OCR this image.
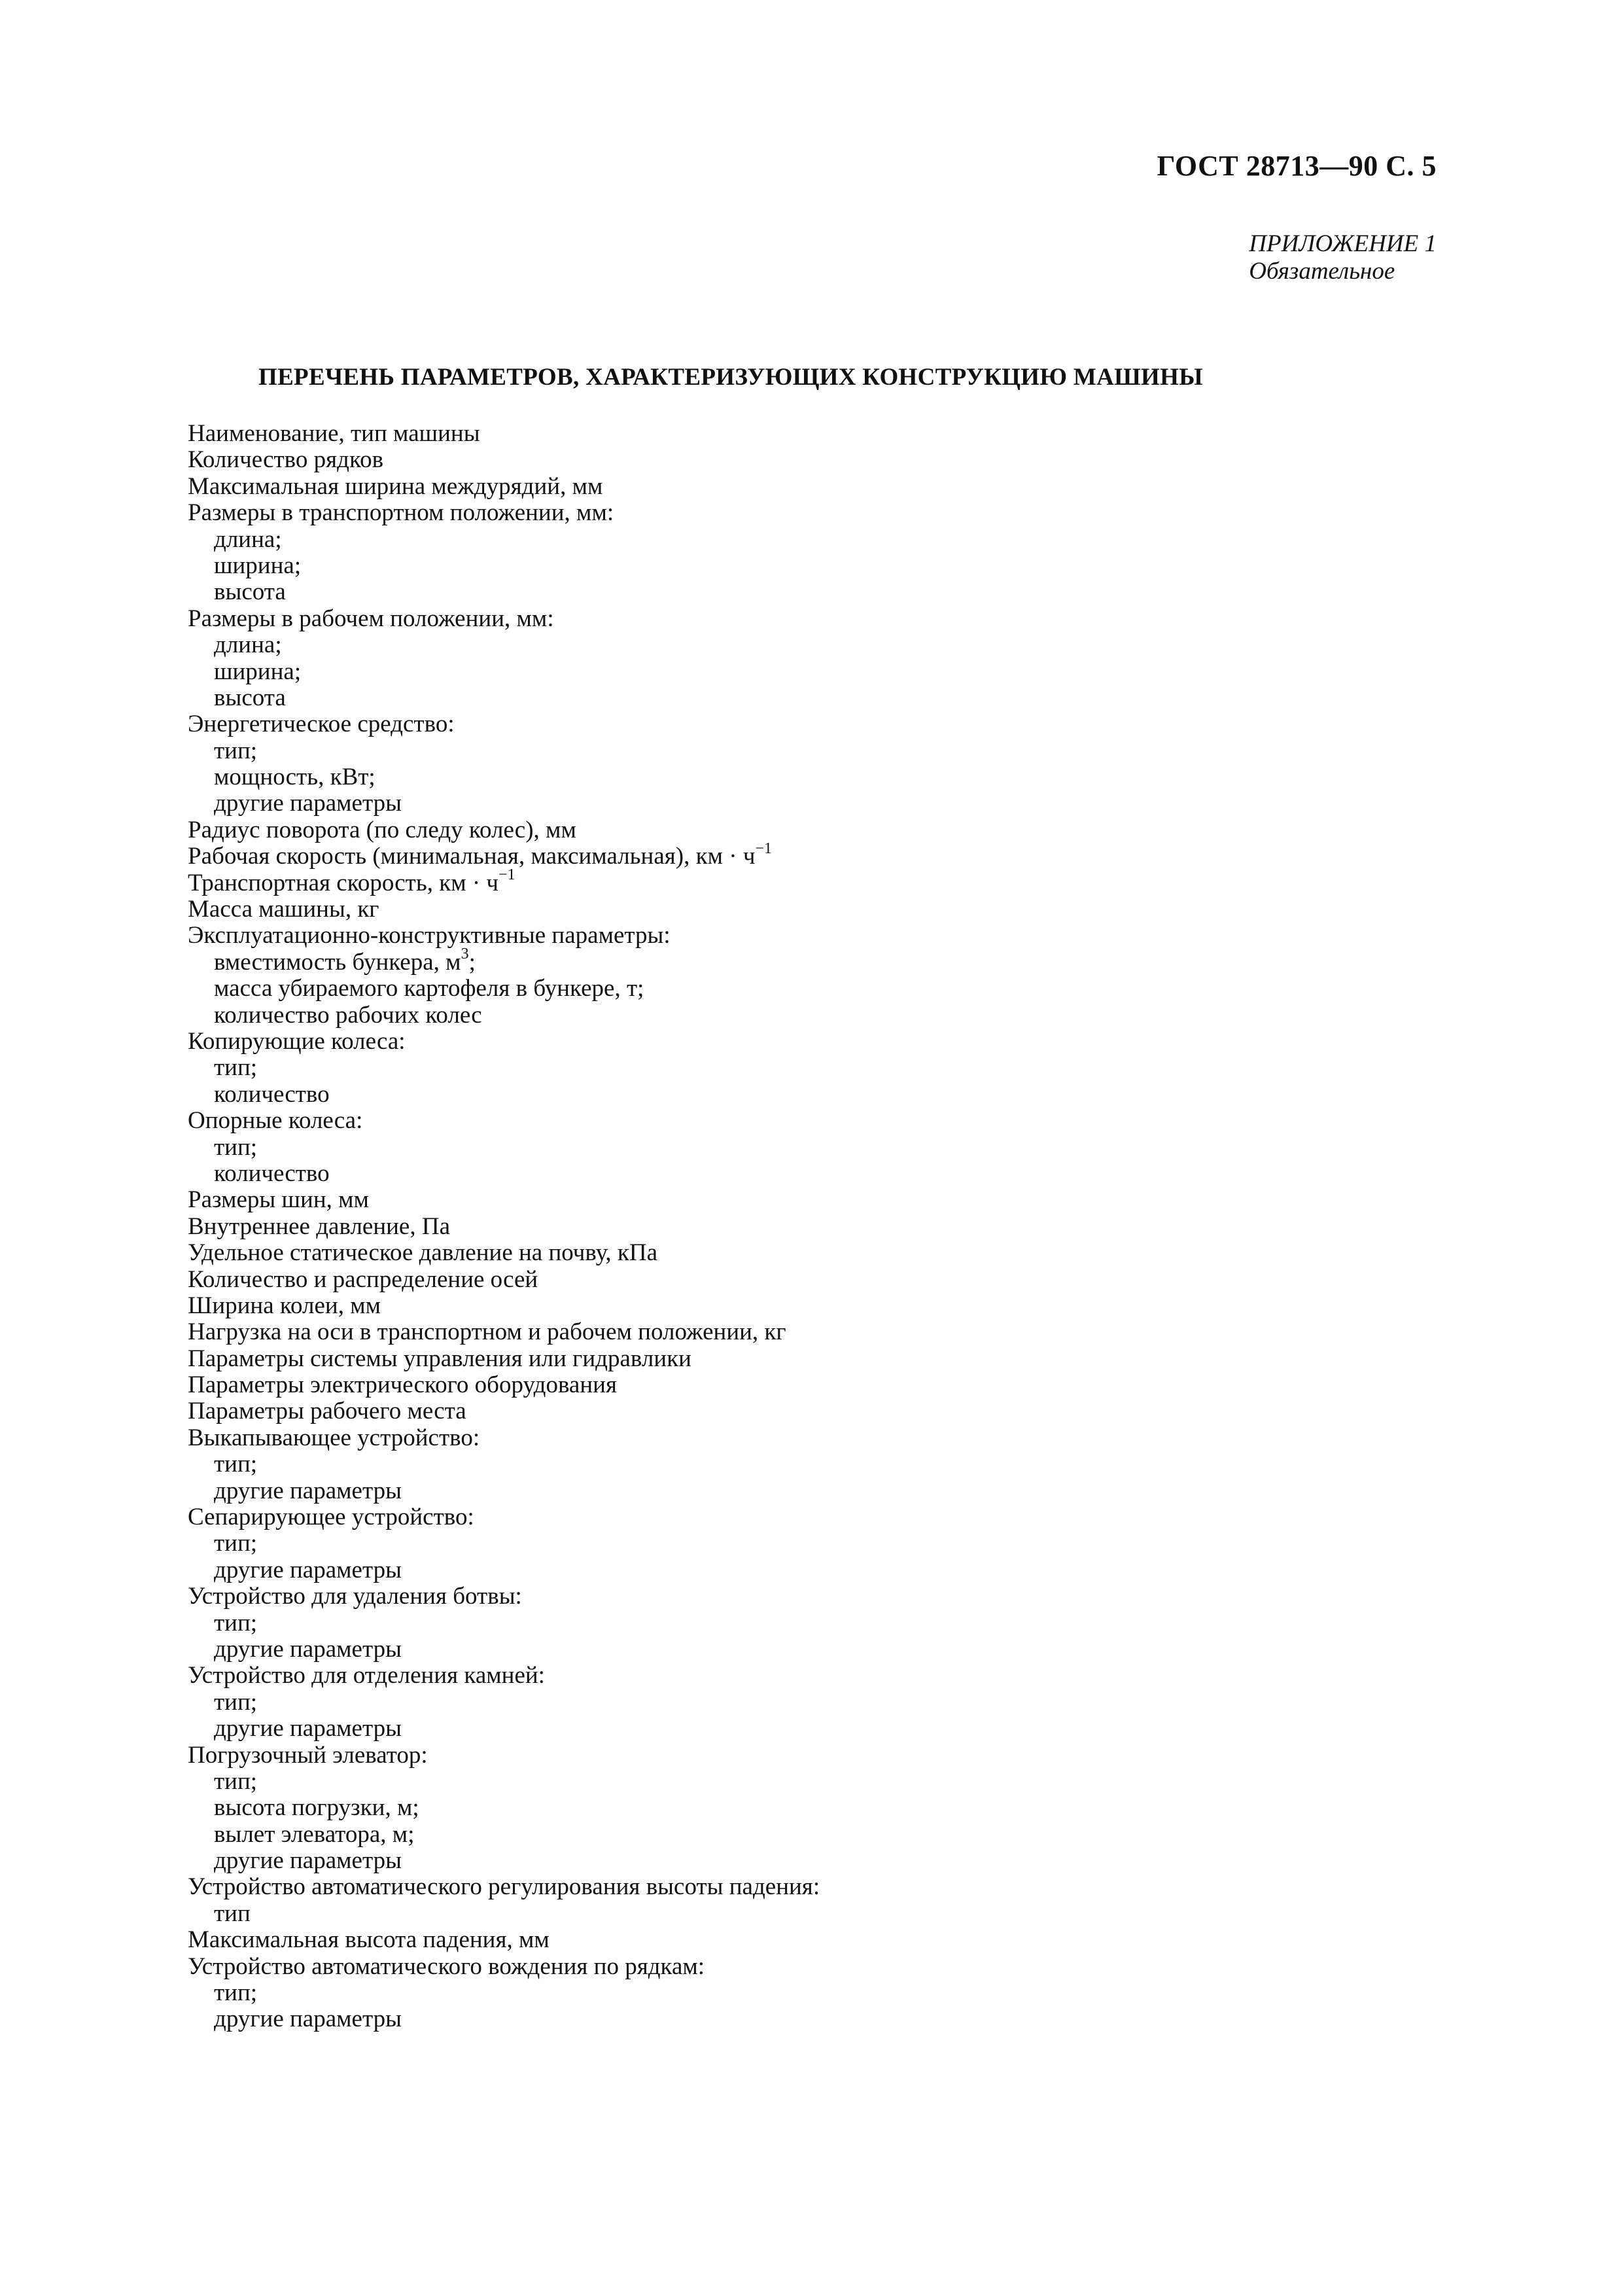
ГОСТ 28713—90 С. 5
ПРИЛОЖЕНИЕ 1
Обязательное
ПЕРЕЧЕНЬ ПАРАМЕТРОВ, ХАРАКТЕРИЗУЮЩИХ КОНСТРУКЦИЮ МАШИНЫ
Наименование, тип машины
Количество рядков
Максимальная ширина междурядий, мм
Размеры в транспортном положении, мм:
длина;
ширина;
высота
Размеры в рабочем положении, мм:
длина;
ширина;
высота
Энергетическое средство:
тип;
мощность, кВт;
другие параметры
Радиус поворота (по следу колес), мм
Рабочая скорость (минимальная, максимальная), км · $ч^{-1}$
Транспортная скорость, км · $ч^{-1}$
Масса машины, кг
Эксплуатационно-конструктивные параметры:
вместимость бункера, $м^3$;
масса убираемого картофеля в бункере, т;
количество рабочих колес
Копирующие колеса:
тип;
количество
Опорные колеса:
тип;
количество
Размеры шин, мм
Внутреннее давление, Па
Удельное статическое давление на почву, кПа
Количество и распределение осей
Ширина колеи, мм
Нагрузка на оси в транспортном и рабочем положении, кг
Параметры системы управления или гидравлики
Параметры электрического оборудования
Параметры рабочего места
Выкапывающее устройство:
тип;
другие параметры
Сепарирующее устройство:
тип;
другие параметры
Устройство для удаления ботвы:
тип;
другие параметры
Устройство для отделения камней:
тип;
другие параметры
Погрузочный элеватор:
тип;
высота погрузки, м;
вылет элеватора, м;
другие параметры
Устройство автоматического регулирования высоты падения:
тип
Максимальная высота падения, мм
Устройство автоматического вождения по рядкам:
тип;
другие параметры
